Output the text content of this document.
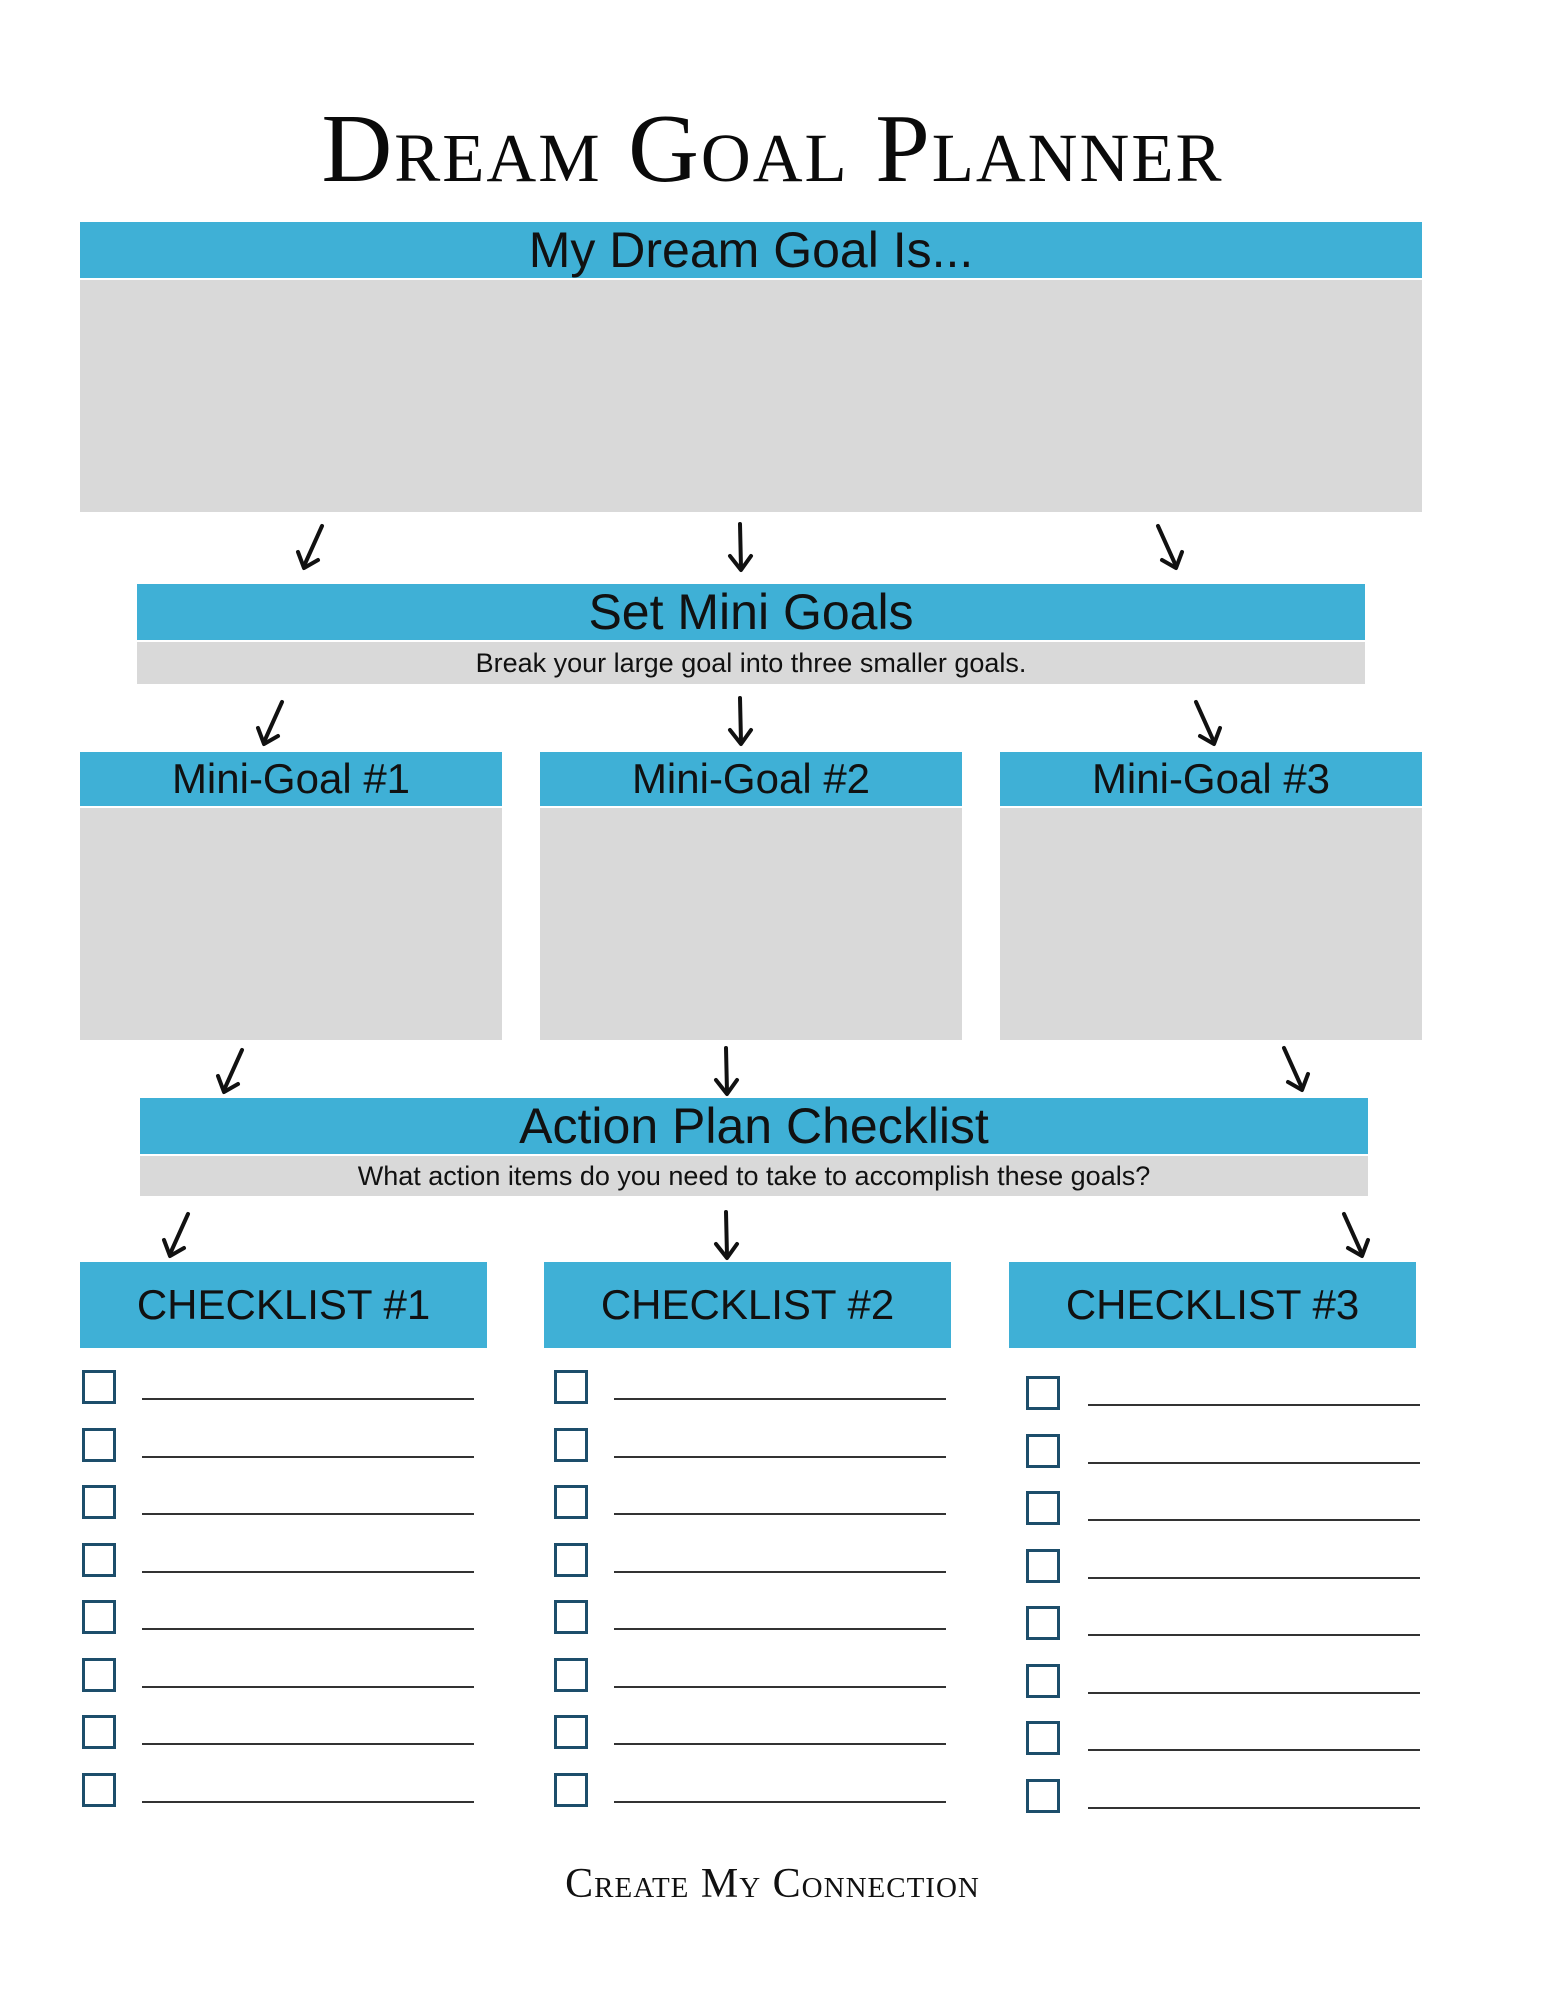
Dream Goal Planner
My Dream Goal Is...
Set Mini Goals
Break your large goal into three smaller goals.
Mini-Goal #1	Mini-Goal #2	Mini-Goal #3
Action Plan Checklist
What action items do you need to take to accomplish these goals?
CHECKLIST #1	CHECKLIST #2	CHECKLIST #3
Create My Connection
